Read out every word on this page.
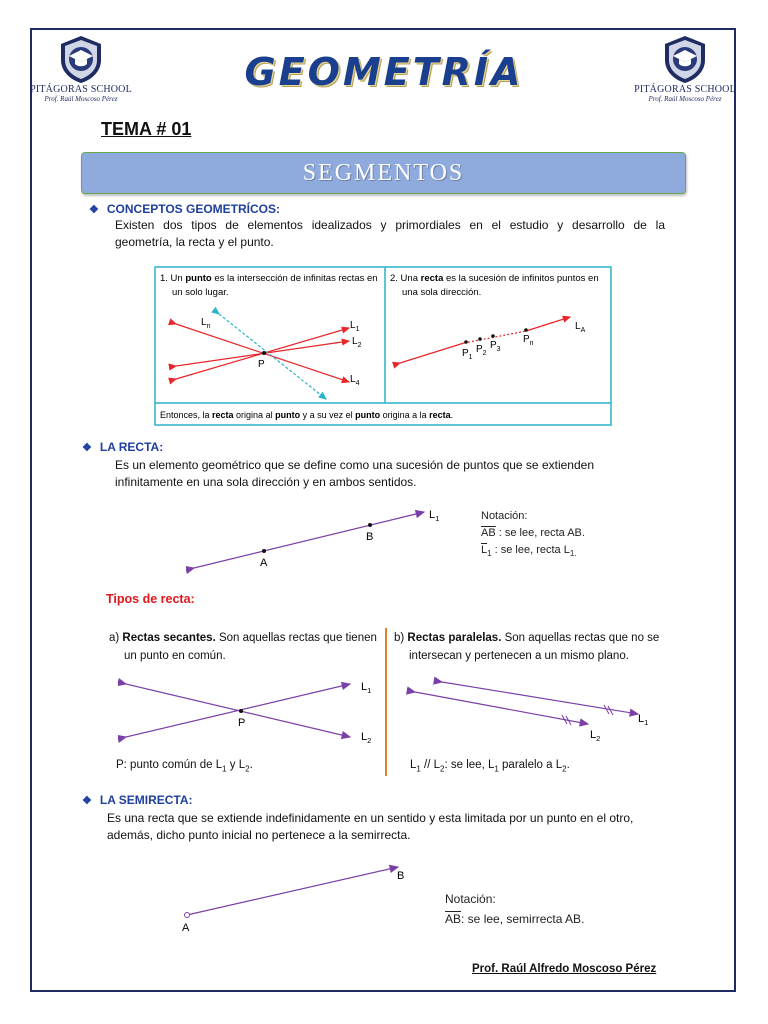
PITÁGORAS SCHOOL
Prof. Raúl Moscoso Pérez
PITÁGORAS SCHOOL
Prof. Raúl Moscoso Pérez
GEOMETRÍA
TEMA # 01
SEGMENTOS
❖ CONCEPTOS GEOMETRÍCOS:
Existen dos tipos de elementos idealizados y primordiales en el estudio y desarrollo de la
geometría, la recta y el punto.
1. Un punto es la intersección de infinitas rectas en
un solo lugar.
2. Una recta es la sucesión de infinitos puntos en
una sola dirección.
P
$L_n$	$L_1$
$L_2$
$L_4$
$P_1$
$P_2$
$P_3$
$P_n$
$L_A$
Entonces, la recta origina al punto y a su vez el punto origina a la recta.
❖ LA RECTA:
Es un elemento geométrico que se define como una sucesión de puntos que se extienden
infinitamente en una sola dirección y en ambos sentidos.
A
B
$L_1$	Notación:
$\overline{AB}$ : se lee, recta AB.
$\overline{L}_1$ : se lee, recta $L_{1.}$
Tipos de recta:
a) Rectas secantes. Son aquellas rectas que tienen
un punto en común.
b) Rectas paralelas. Son aquellas rectas que no se
intersecan y pertenecen a un mismo plano.
P
$L_1$
$L_2$
$L_1$
$L_2$
P: punto común de $L_1$ y $L_2$.	$L_1 // L_2$: se lee, $L_1$ paralelo a $L_2$.
❖ LA SEMIRECTA:
Es una recta que se extiende indefinidamente en un sentido y esta limitada por un punto en el otro,
además, dicho punto inicial no pertenece a la semirrecta.
A
B
Notación:
$\overline{AB}$: se lee, semirrecta AB.
Prof. Raúl Alfredo Moscoso Pérez
